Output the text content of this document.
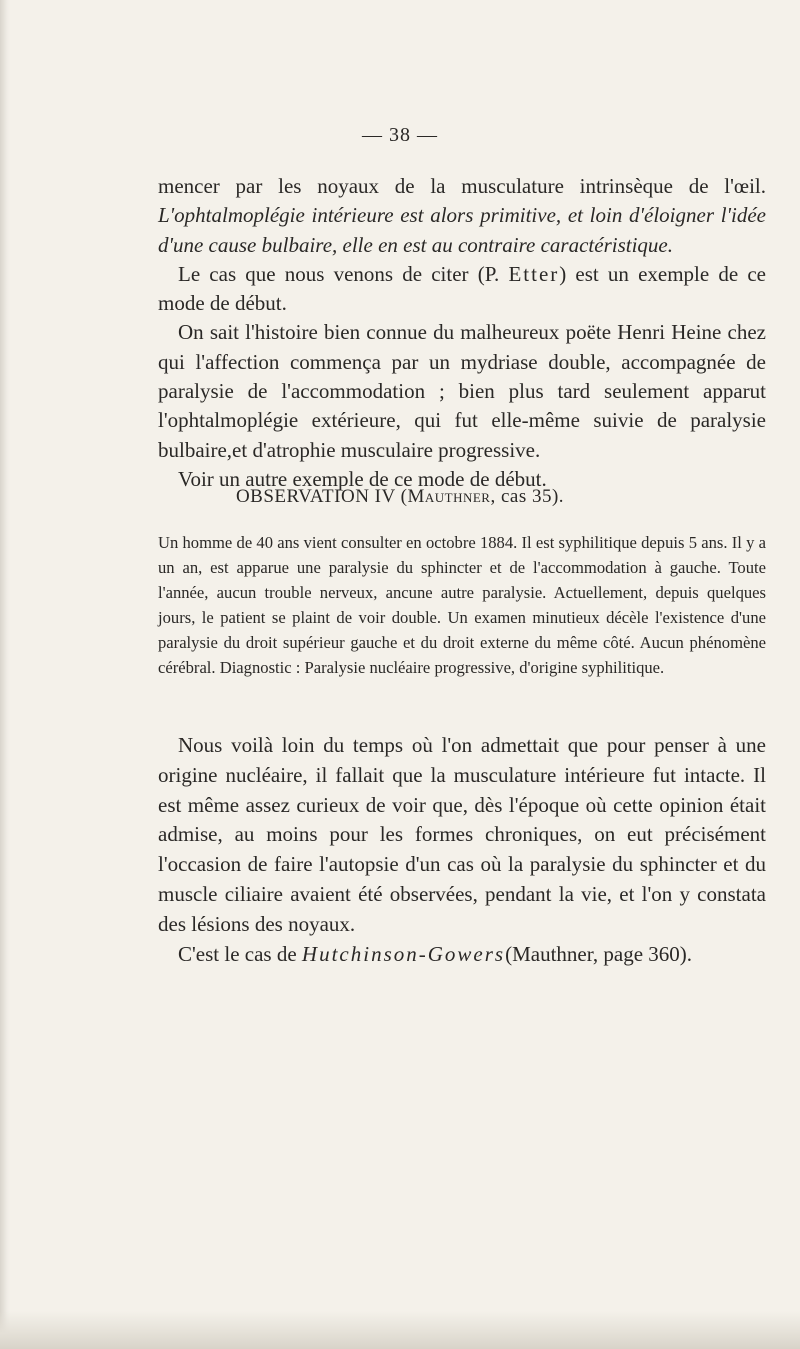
— 38 —

mencer par les noyaux de la musculature intrinsèque de l'œil. L'ophtalmoplégie intérieure est alors primitive, et loin d'éloigner l'idée d'une cause bulbaire, elle en est au contraire caractéristique.

Le cas que nous venons de citer (P. Etter) est un exemple de ce mode de début.

On sait l'histoire bien connue du malheureux poëte Henri Heine chez qui l'affection commença par un mydriase double, accompagnée de paralysie de l'accommodation ; bien plus tard seulement apparut l'ophtalmoplégie extérieure, qui fut elle-même suivie de paralysie bulbaire,et d'atrophie musculaire progressive.

Voir un autre exemple de ce mode de début.

OBSERVATION IV (Mauthner, cas 35).

Un homme de 40 ans vient consulter en octobre 1884. Il est syphilitique depuis 5 ans. Il y a un an, est apparue une paralysie du sphincter et de l'accommodation à gauche. Toute l'année, aucun trouble nerveux, ancune autre paralysie. Actuellement, depuis quelques jours, le patient se plaint de voir double. Un examen minutieux décèle l'existence d'une paralysie du droit supérieur gauche et du droit externe du même côté. Aucun phénomène cérébral. Diagnostic : Paralysie nucléaire progressive, d'origine syphilitique.

Nous voilà loin du temps où l'on admettait que pour penser à une origine nucléaire, il fallait que la musculature intérieure fut intacte. Il est même assez curieux de voir que, dès l'époque où cette opinion était admise, au moins pour les formes chroniques, on eut précisément l'occasion de faire l'autopsie d'un cas où la paralysie du sphincter et du muscle ciliaire avaient été observées, pendant la vie, et l'on y constata des lésions des noyaux.

C'est le cas de Hutchinson-Gowers(Mauthner, page 360).
